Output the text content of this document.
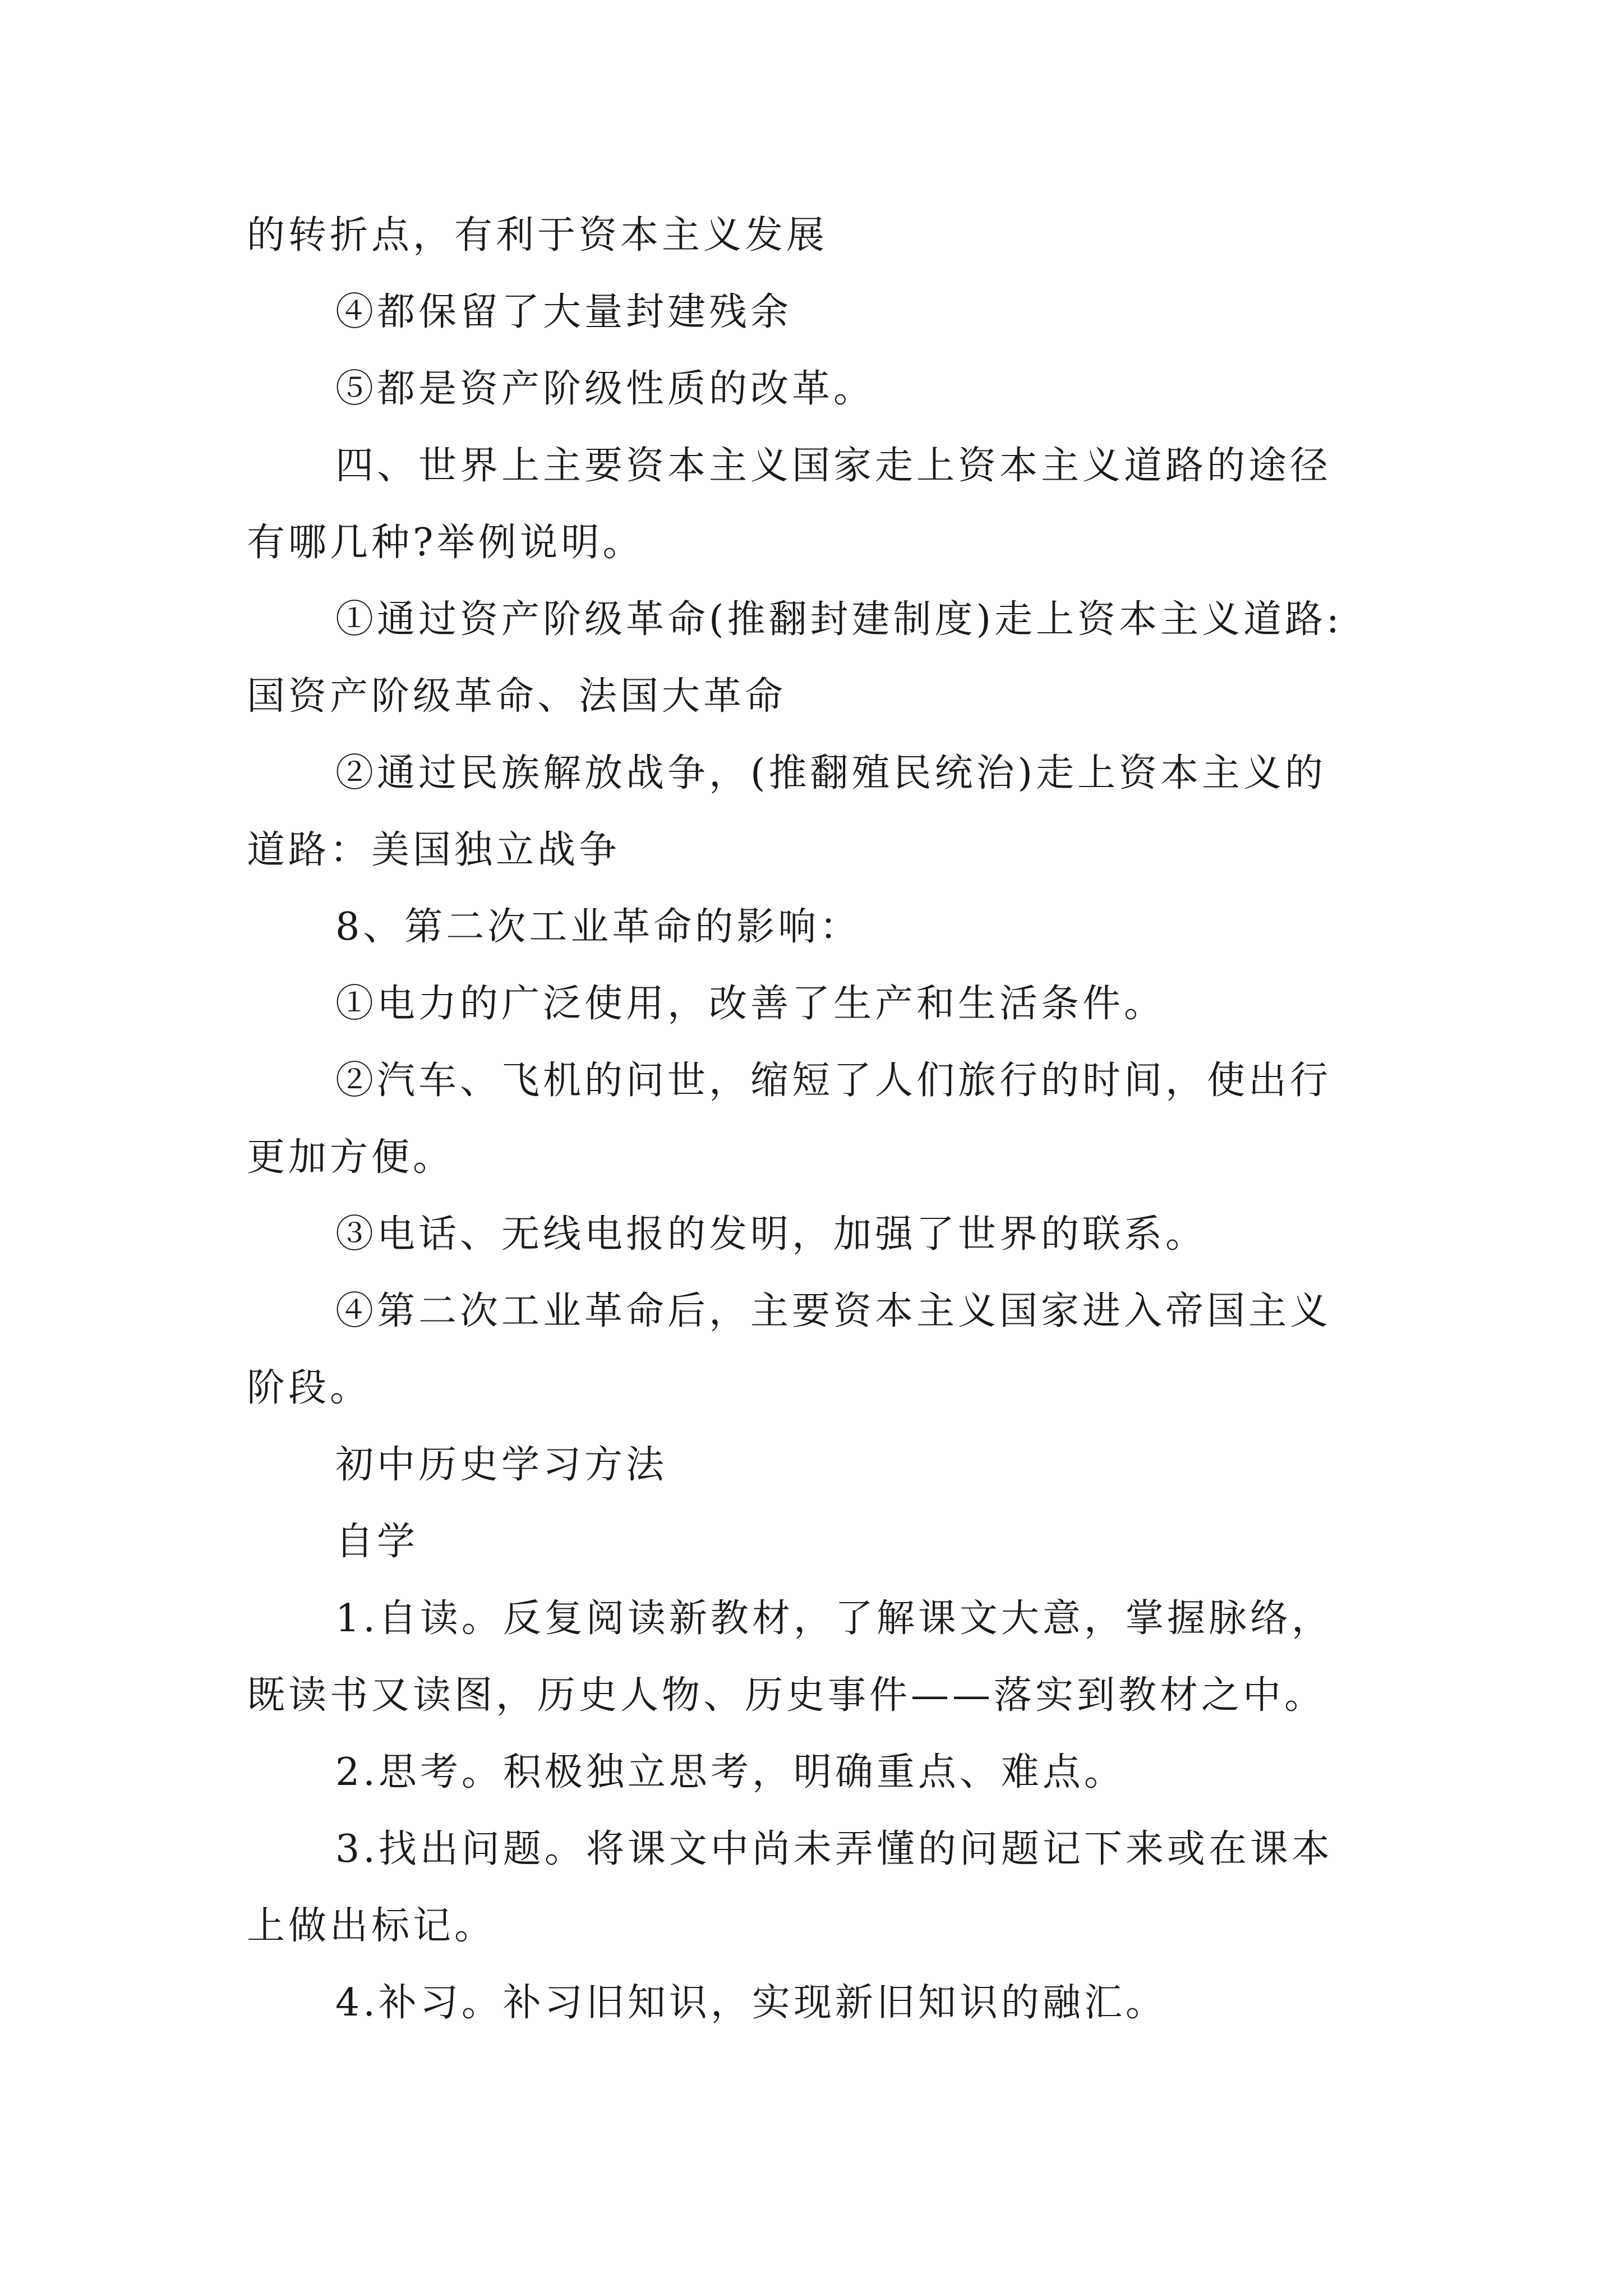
的转折点，有利于资本主义发展

④都保留了大量封建残余

⑤都是资产阶级性质的改革。

四、世界上主要资本主义国家走上资本主义道路的途径

有哪几种?举例说明。

①通过资产阶级革命(推翻封建制度)走上资本主义道路:

国资产阶级革命、法国大革命

②通过民族解放战争，(推翻殖民统治)走上资本主义的

道路：美国独立战争

8、第二次工业革命的影响：

①电力的广泛使用，改善了生产和生活条件。

②汽车、飞机的问世，缩短了人们旅行的时间，使出行

更加方便。

③电话、无线电报的发明，加强了世界的联系。

④第二次工业革命后，主要资本主义国家进入帝国主义

阶段。

初中历史学习方法

自学

1.自读。反复阅读新教材，了解课文大意，掌握脉络，

既读书又读图，历史人物、历史事件——落实到教材之中。

2.思考。积极独立思考，明确重点、难点。

3.找出问题。将课文中尚未弄懂的问题记下来或在课本

上做出标记。

4.补习。补习旧知识，实现新旧知识的融汇。
